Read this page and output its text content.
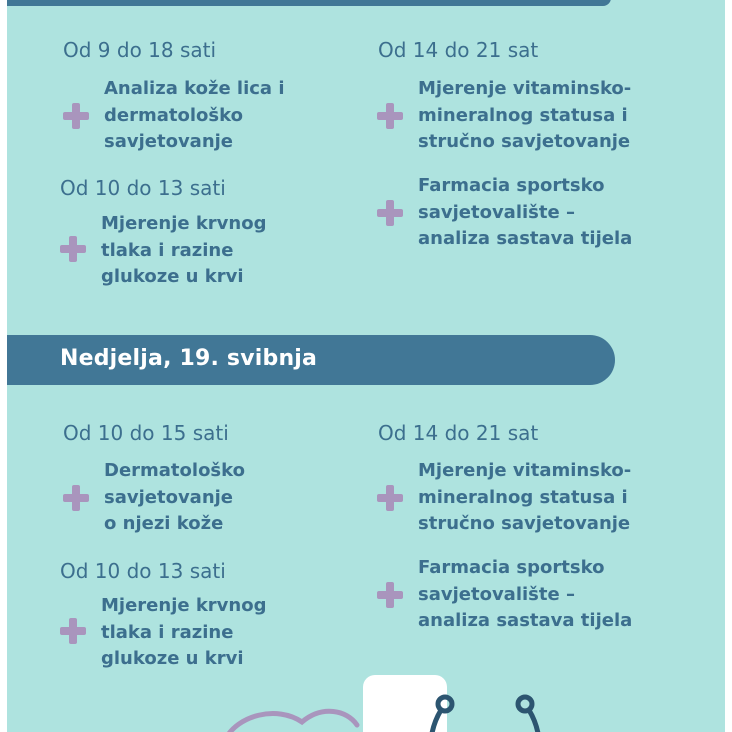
Od 9 do 18 sati
Analiza kože lica i
dermatološko
savjetovanje
Od 10 do 13 sati
Mjerenje krvnog
tlaka i razine
glukoze u krvi
Od 14 do 21 sat
Mjerenje vitaminsko-
mineralnog statusa i
stručno savjetovanje
Farmacia sportsko
savjetovalište –
analiza sastava tijela
Nedjelja, 19. svibnja
Od 10 do 15 sati
Dermatološko
savjetovanje
o njezi kože
Od 10 do 13 sati
Mjerenje krvnog
tlaka i razine
glukoze u krvi
Od 14 do 21 sat
Mjerenje vitaminsko-
mineralnog statusa i
stručno savjetovanje
Farmacia sportsko
savjetovalište –
analiza sastava tijela
